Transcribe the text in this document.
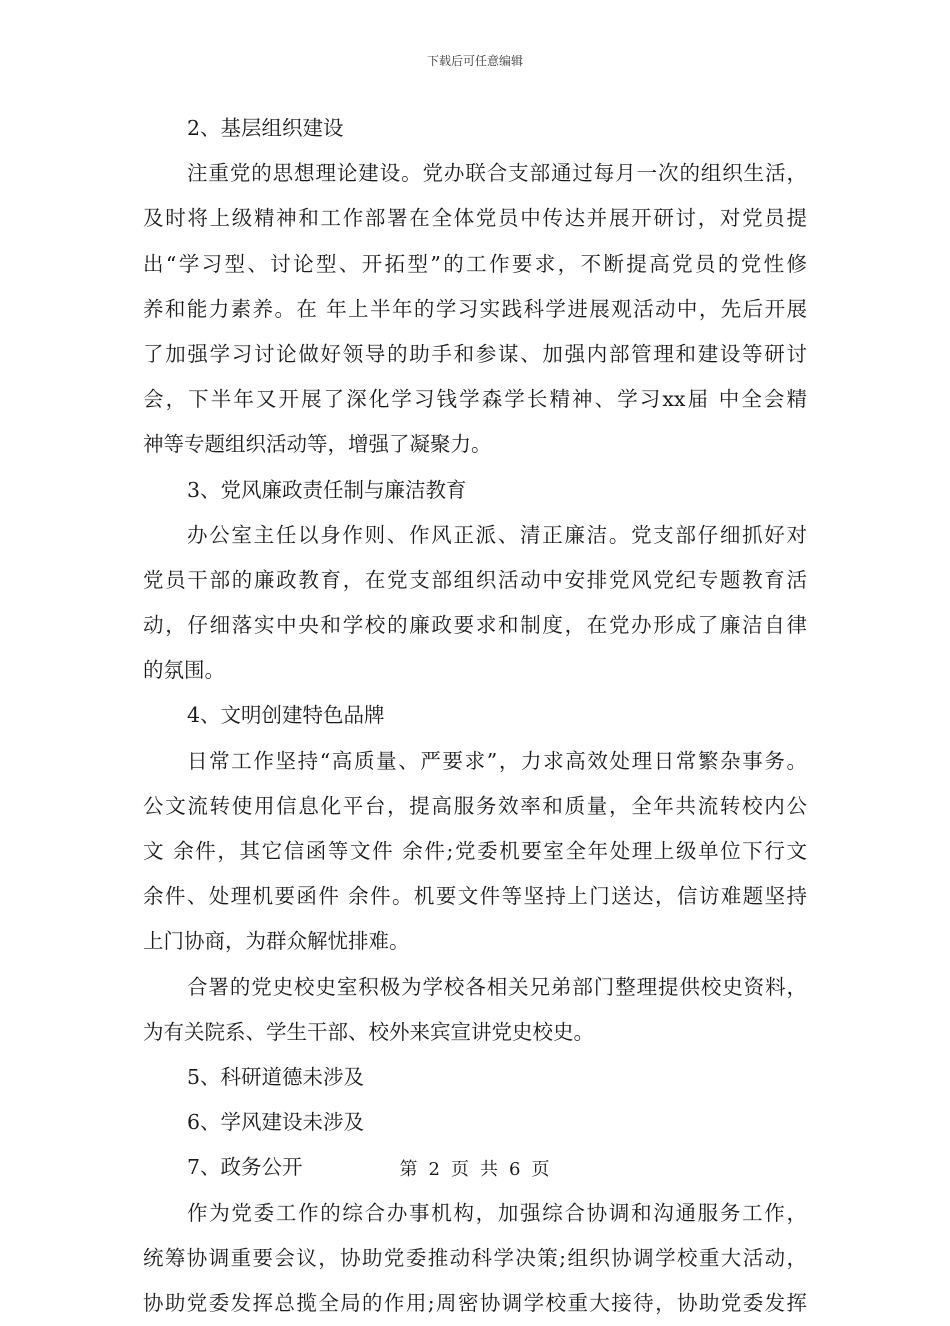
下载后可任意编辑
2、基层组织建设
注重党的思想理论建设。党办联合支部通过每月一次的组织生活，
及时将上级精神和工作部署在全体党员中传达并展开研讨，对党员提
出“学习型、讨论型、开拓型”的工作要求，不断提高党员的党性修
养和能力素养。在 年上半年的学习实践科学进展观活动中，先后开展
了加强学习讨论做好领导的助手和参谋、加强内部管理和建设等研讨
会，下半年又开展了深化学习钱学森学长精神、学习xx届 中全会精
神等专题组织活动等，增强了凝聚力。
3、党风廉政责任制与廉洁教育
办公室主任以身作则、作风正派、清正廉洁。党支部仔细抓好对
党员干部的廉政教育，在党支部组织活动中安排党风党纪专题教育活
动，仔细落实中央和学校的廉政要求和制度，在党办形成了廉洁自律
的氛围。
4、文明创建特色品牌
日常工作坚持“高质量、严要求”，力求高效处理日常繁杂事务。
公文流转使用信息化平台，提高服务效率和质量，全年共流转校内公
文 余件，其它信函等文件 余件;党委机要室全年处理上级单位下行文
余件、处理机要函件 余件。机要文件等坚持上门送达，信访难题坚持
上门协商，为群众解忧排难。
合署的党史校史室积极为学校各相关兄弟部门整理提供校史资料，
为有关院系、学生干部、校外来宾宣讲党史校史。
5、科研道德未涉及
6、学风建设未涉及
7、政务公开
作为党委工作的综合办事机构，加强综合协调和沟通服务工作，
统筹协调重要会议，协助党委推动科学决策;组织协调学校重大活动，
协助党委发挥总揽全局的作用;周密协调学校重大接待，协助党委发挥
第 2 页 共 6 页
